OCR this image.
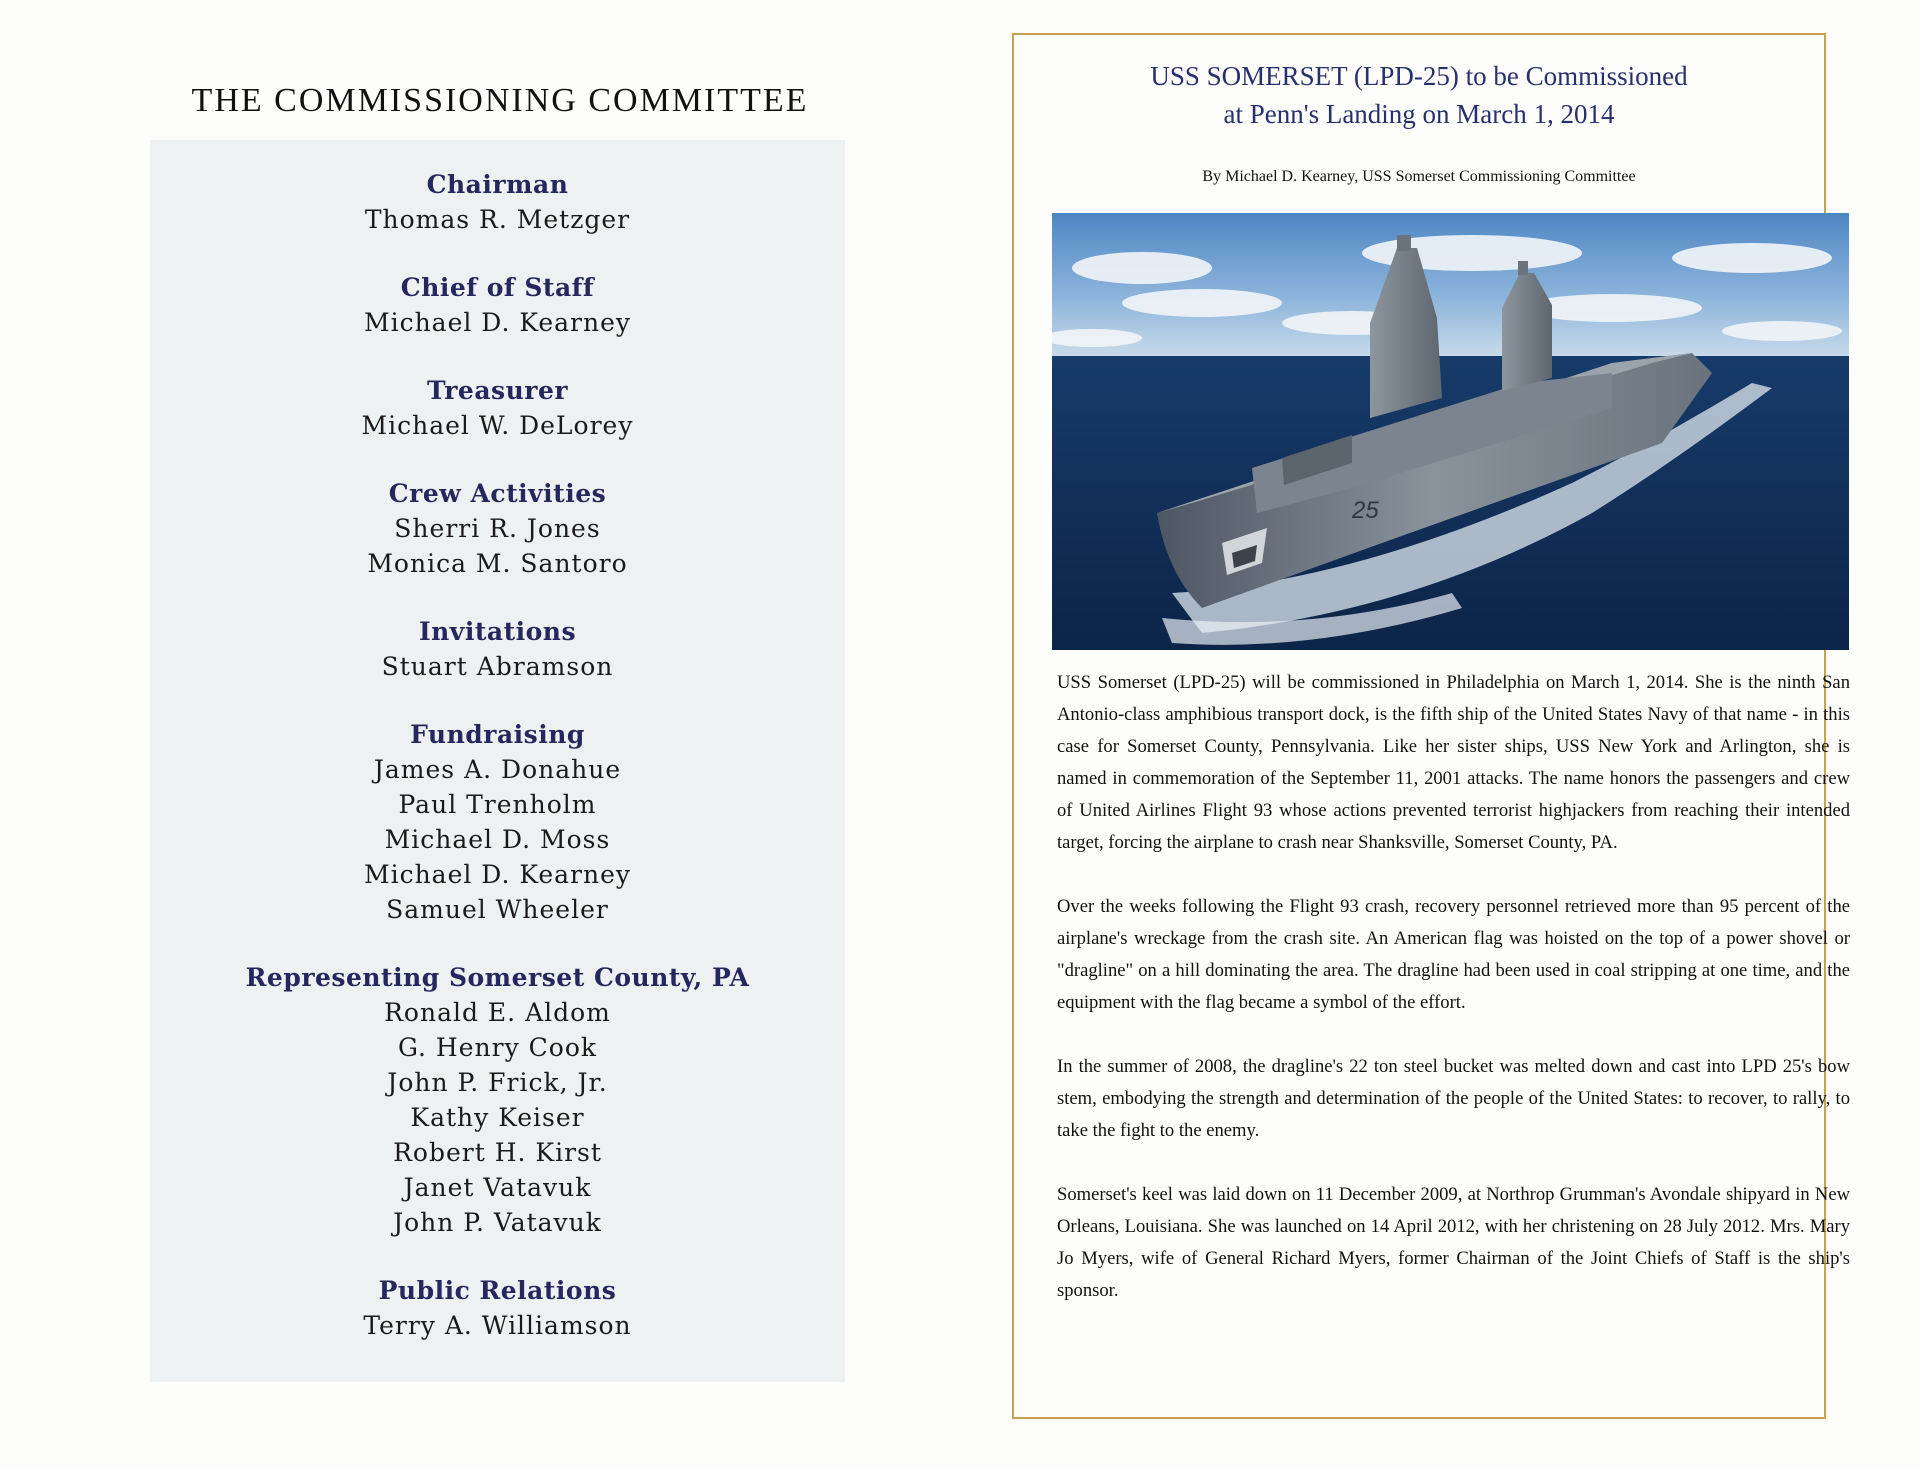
THE COMMISSIONING COMMITTEE
Chairman
Thomas R. Metzger
Chief of Staff
Michael D. Kearney
Treasurer
Michael W. DeLorey
Crew Activities
Sherri R. Jones
Monica M. Santoro
Invitations
Stuart Abramson
Fundraising
James A. Donahue
Paul Trenholm
Michael D. Moss
Michael D. Kearney
Samuel Wheeler
Representing Somerset County, PA
Ronald E. Aldom
G. Henry Cook
John P. Frick, Jr.
Kathy Keiser
Robert H. Kirst
Janet Vatavuk
John P. Vatavuk
Public Relations
Terry A. Williamson
USS SOMERSET (LPD-25) to be Commissioned
at Penn's Landing on March 1, 2014
By Michael D. Kearney, USS Somerset Commissioning Committee
25

USS Somerset (LPD-25) will be commissioned in Philadelphia on March 1, 2014. She is the ninth San Antonio-class amphibious transport dock, is the fifth ship of the United States Navy of that name - in this case for Somerset County, Pennsylvania. Like her sister ships, USS New York and Arlington, she is named in commemoration of the September 11, 2001 attacks. The name honors the passengers and crew of United Airlines Flight 93 whose actions prevented terrorist highjackers from reaching their intended target, forcing the airplane to crash near Shanksville, Somerset County, PA.

Over the weeks following the Flight 93 crash, recovery personnel retrieved more than 95 percent of the airplane's wreckage from the crash site. An American flag was hoisted on the top of a power shovel or "dragline" on a hill dominating the area. The dragline had been used in coal stripping at one time, and the equipment with the flag became a symbol of the effort.

In the summer of 2008, the dragline's 22 ton steel bucket was melted down and cast into LPD 25's bow stem, embodying the strength and determination of the people of the United States: to recover, to rally, to take the fight to the enemy.

Somerset's keel was laid down on 11 December 2009, at Northrop Grumman's Avondale shipyard in New Orleans, Louisiana. She was launched on 14 April 2012, with her christening on 28 July 2012. Mrs. Mary Jo Myers, wife of General Richard Myers, former Chairman of the Joint Chiefs of Staff is the ship's sponsor.
